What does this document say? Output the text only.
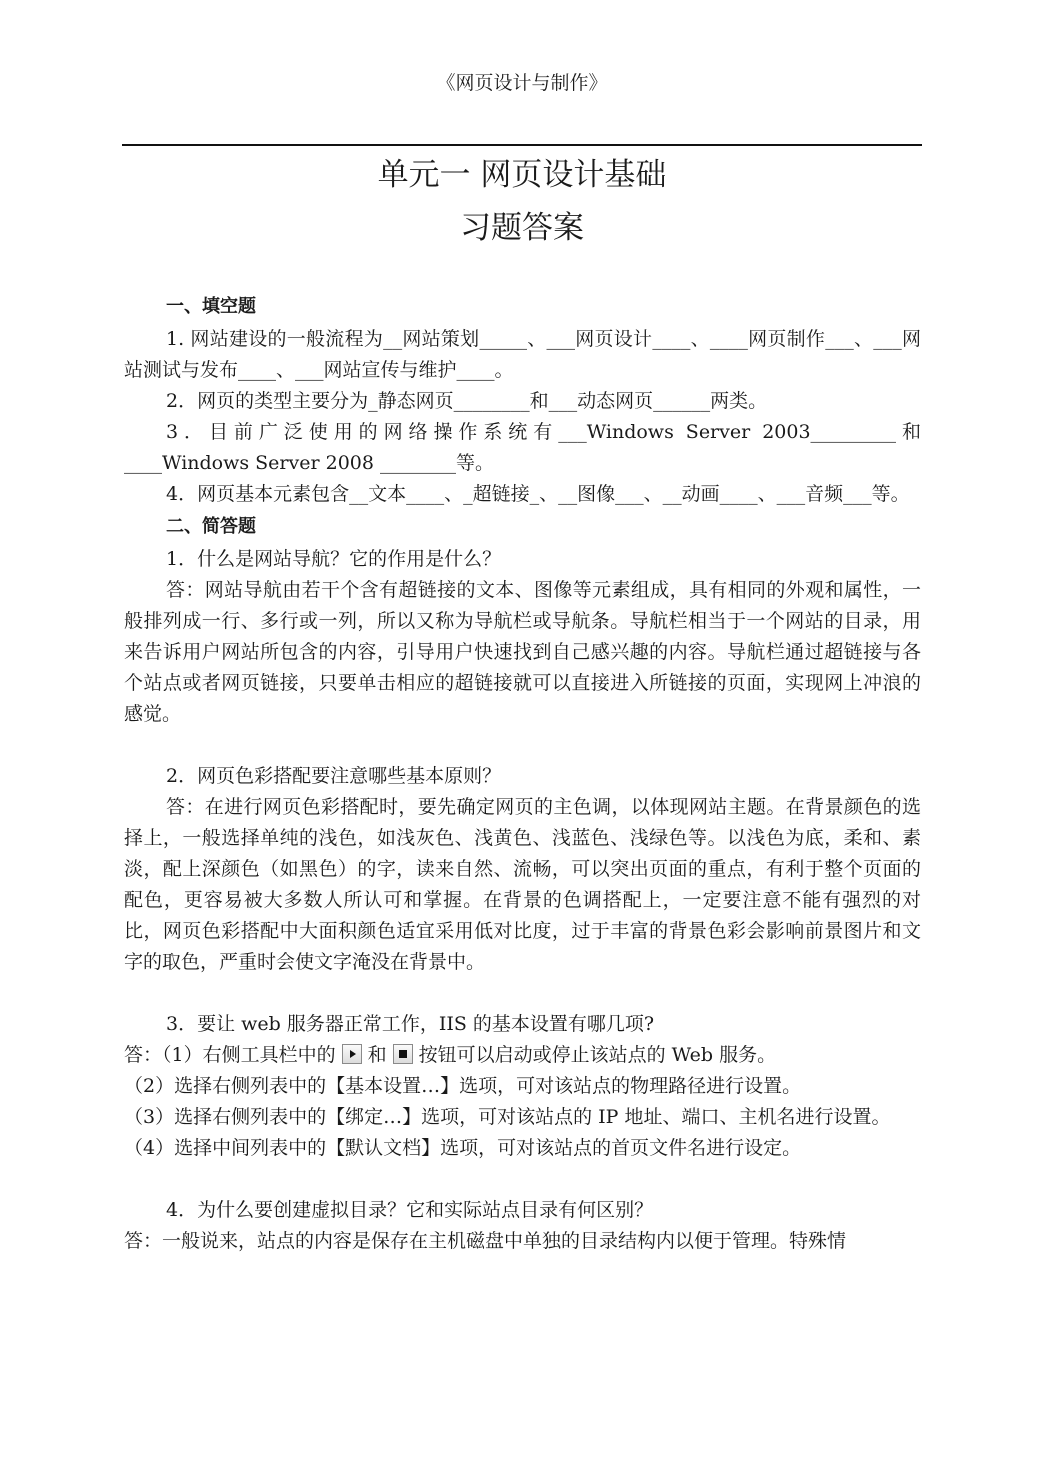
《网页设计与制作》
单元一 网页设计基础
习题答案
一、填空题

1. 网站建设的一般流程为__网站策划_____、___网页设计____、____网页制作___、___网站测试与发布____、___网站宣传与维护____。

2．网页的类型主要分为_静态网页________和___动态网页______两类。

3．目前广泛使用的网络操作系统有___Windows Server 2003_________和____Windows Server 2008 ________等。

4．网页基本元素包含__文本____、_超链接_、__图像___、__动画____、___音频___等。

二、简答题

1．什么是网站导航？它的作用是什么？

答：网站导航由若干个含有超链接的文本、图像等元素组成，具有相同的外观和属性，一般排列成一行、多行或一列，所以又称为导航栏或导航条。导航栏相当于一个网站的目录，用来告诉用户网站所包含的内容，引导用户快速找到自己感兴趣的内容。导航栏通过超链接与各个站点或者网页链接，只要单击相应的超链接就可以直接进入所链接的页面，实现网上冲浪的感觉。

2．网页色彩搭配要注意哪些基本原则？

答：在进行网页色彩搭配时，要先确定网页的主色调，以体现网站主题。在背景颜色的选择上，一般选择单纯的浅色，如浅灰色、浅黄色、浅蓝色、浅绿色等。以浅色为底，柔和、素淡，配上深颜色（如黑色）的字，读来自然、流畅，可以突出页面的重点，有利于整个页面的配色，更容易被大多数人所认可和掌握。在背景的色调搭配上，一定要注意不能有强烈的对比，网页色彩搭配中大面积颜色适宜采用低对比度，过于丰富的背景色彩会影响前景图片和文字的取色，严重时会使文字淹没在背景中。

3．要让 web 服务器正常工作，IIS 的基本设置有哪几项?

答：（1）右侧工具栏中的 和 按钮可以启动或停止该站点的 Web 服务。

（2）选择右侧列表中的【基本设置…】选项，可对该站点的物理路径进行设置。

（3）选择右侧列表中的【绑定…】选项，可对该站点的 IP 地址、端口、主机名进行设置。

（4）选择中间列表中的【默认文档】选项，可对该站点的首页文件名进行设定。

4．为什么要创建虚拟目录？它和实际站点目录有何区别？

答：一般说来，站点的内容是保存在主机磁盘中单独的目录结构内以便于管理。特殊情
